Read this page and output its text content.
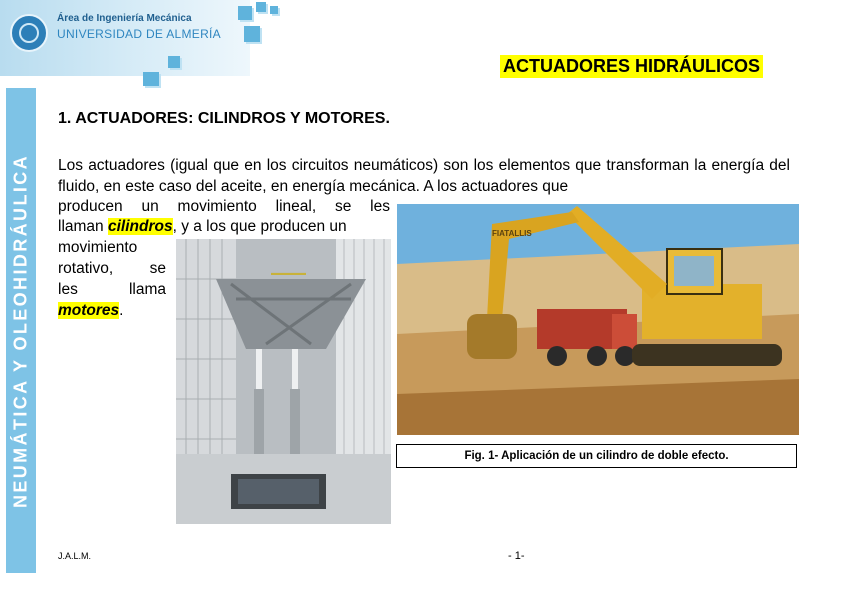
Área de Ingeniería Mecánica
UNIVERSIDAD DE ALMERÍA
NEUMÁTICA Y OLEOHIDRÁULICA
ACTUADORES HIDRÁULICOS
1. ACTUADORES: CILINDROS Y MOTORES.
Los actuadores (igual que en los circuitos neumáticos) son los elementos que transforman la energía del fluido, en este caso del aceite, en energía mecánica. A los actuadores que
producen un movimiento lineal, se les
llaman cilindros, y a los que producen un
movimiento
rotativo, se
les	llama
motores.
▬▬▬▬▬
FIATALLIS
Fig. 1- Aplicación de un cilindro de doble efecto.
J.A.L.M.	- 1-
